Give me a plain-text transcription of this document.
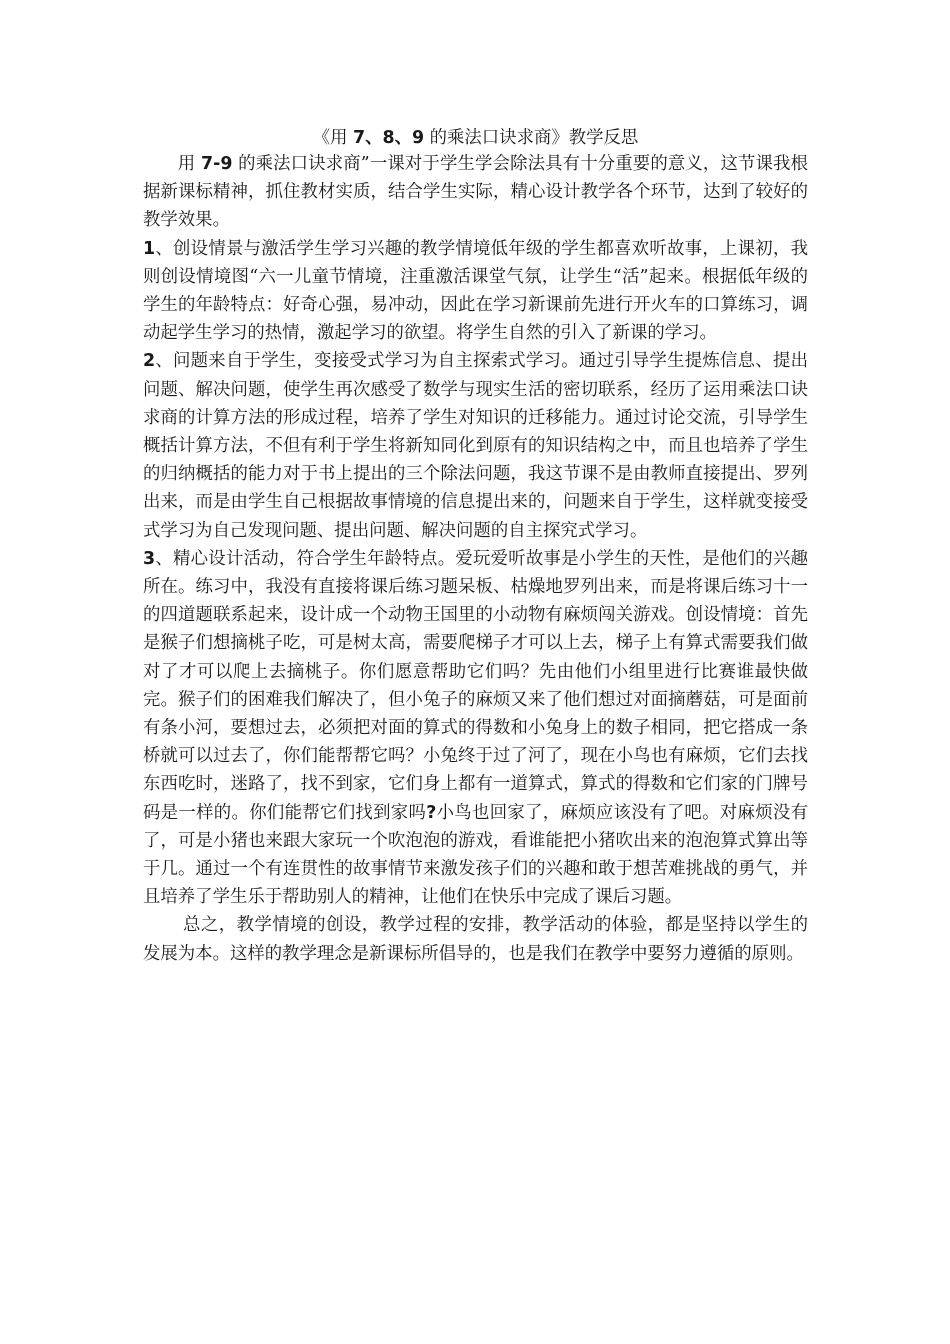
《用 7、8、9 的乘法口诀求商》教学反思

用 7-9 的乘法口诀求商”一课对于学生学会除法具有十分重要的意义，这节课我根据新课标精神，抓住教材实质，结合学生实际，精心设计教学各个环节，达到了较好的教学效果。

1、创设情景与激活学生学习兴趣的教学情境低年级的学生都喜欢听故事，上课初，我则创设情境图“六一儿童节情境，注重激活课堂气氛，让学生“活”起来。根据低年级的学生的年龄特点：好奇心强，易冲动，因此在学习新课前先进行开火车的口算练习，调动起学生学习的热情，激起学习的欲望。将学生自然的引入了新课的学习。

2、问题来自于学生，变接受式学习为自主探索式学习。通过引导学生提炼信息、提出问题、解决问题，使学生再次感受了数学与现实生活的密切联系，经历了运用乘法口诀求商的计算方法的形成过程，培养了学生对知识的迁移能力。通过讨论交流，引导学生概括计算方法，不但有利于学生将新知同化到原有的知识结构之中，而且也培养了学生的归纳概括的能力对于书上提出的三个除法问题，我这节课不是由教师直接提出、罗列出来，而是由学生自己根据故事情境的信息提出来的，问题来自于学生，这样就变接受式学习为自己发现问题、提出问题、解决问题的自主探究式学习。

3、精心设计活动，符合学生年龄特点。爱玩爱听故事是小学生的天性，是他们的兴趣所在。练习中，我没有直接将课后练习题呆板、枯燥地罗列出来，而是将课后练习十一的四道题联系起来，设计成一个动物王国里的小动物有麻烦闯关游戏。创设情境：首先是猴子们想摘桃子吃，可是树太高，需要爬梯子才可以上去，梯子上有算式需要我们做对了才可以爬上去摘桃子。你们愿意帮助它们吗？先由他们小组里进行比赛谁最快做完。猴子们的困难我们解决了，但小兔子的麻烦又来了他们想过对面摘蘑菇，可是面前有条小河，要想过去，必须把对面的算式的得数和小兔身上的数子相同，把它搭成一条桥就可以过去了，你们能帮帮它吗？小兔终于过了河了，现在小鸟也有麻烦，它们去找东西吃时，迷路了，找不到家，它们身上都有一道算式，算式的得数和它们家的门牌号码是一样的。你们能帮它们找到家吗?小鸟也回家了，麻烦应该没有了吧。对麻烦没有了，可是小猪也来跟大家玩一个吹泡泡的游戏，看谁能把小猪吹出来的泡泡算式算出等于几。通过一个有连贯性的故事情节来激发孩子们的兴趣和敢于想苦难挑战的勇气，并且培养了学生乐于帮助别人的精神，让他们在快乐中完成了课后习题。

总之，教学情境的创设，教学过程的安排，教学活动的体验，都是坚持以学生的发展为本。这样的教学理念是新课标所倡导的，也是我们在教学中要努力遵循的原则。
